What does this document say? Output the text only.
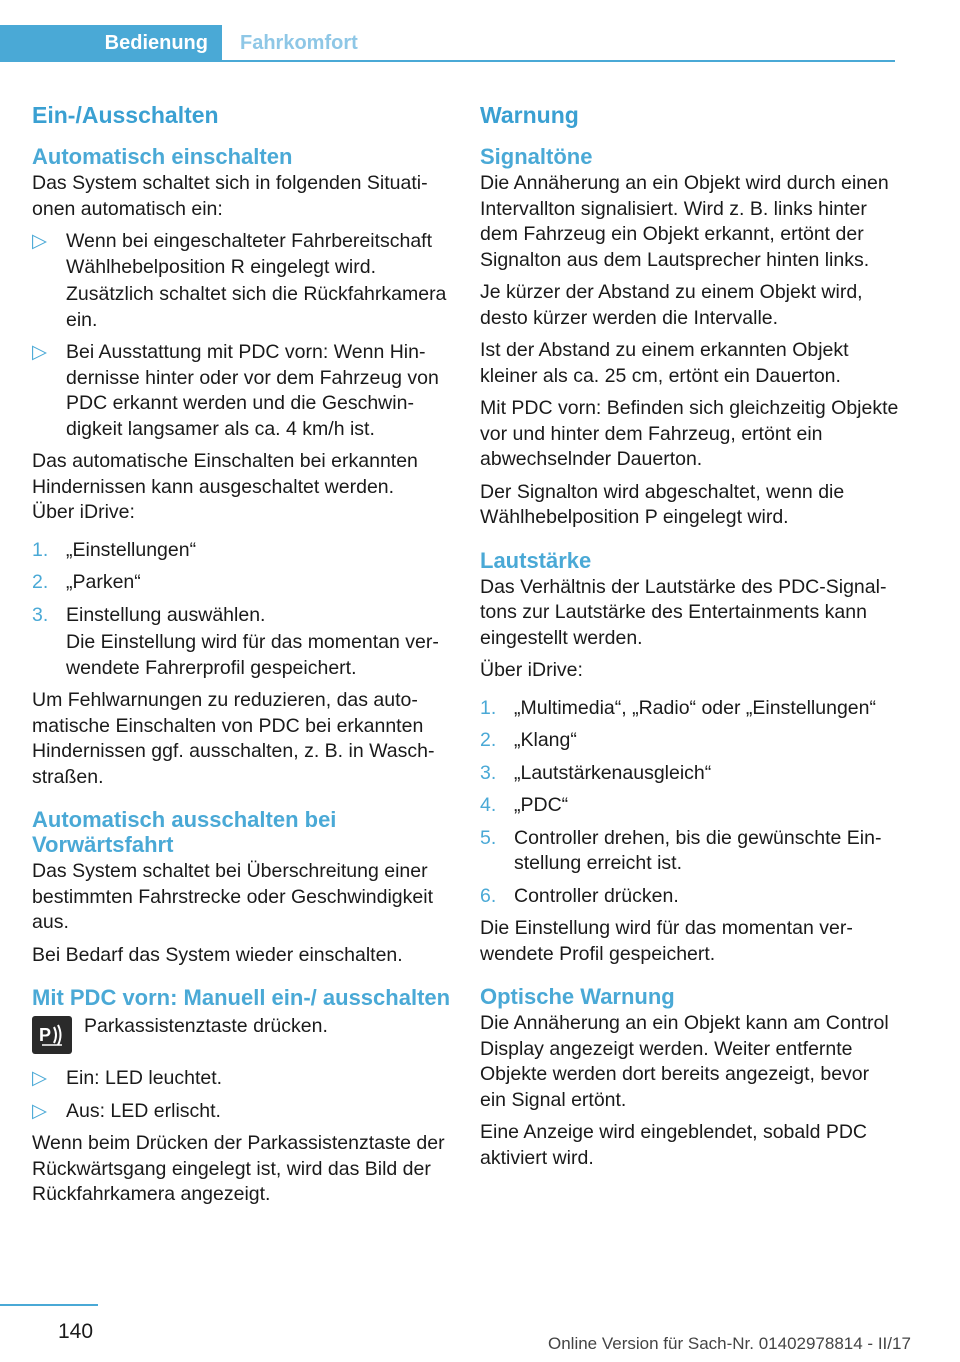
Bedienung	Fahrkomfort
Ein-/Ausschalten
Automatisch einschalten

Das System schaltet sich in folgenden Situationen automatisch ein:

▷ Wenn bei eingeschalteter Fahrbereitschaft Wählhebelposition R eingelegt wird.

Zusätzlich schaltet sich die Rückfahrkamera ein.

▷ Bei Ausstattung mit PDC vorn: Wenn Hindernisse hinter oder vor dem Fahrzeug von PDC erkannt werden und die Geschwindigkeit langsamer als ca. 4 km/h ist.

Das automatische Einschalten bei erkannten Hindernissen kann ausgeschaltet werden.

Über iDrive:

1. „Einstellungen“
2. „Parken“
3. Einstellung auswählen.

Die Einstellung wird für das momentan verwendete Fahrerprofil gespeichert.

Um Fehlwarnungen zu reduzieren, das automatische Einschalten von PDC bei erkannten Hindernissen ggf. ausschalten, z. B. in Waschstraßen.

Automatisch ausschalten bei Vorwärtsfahrt

Das System schaltet bei Überschreitung einer bestimmten Fahrstrecke oder Geschwindigkeit aus.

Bei Bedarf das System wieder einschalten.

Mit PDC vorn: Manuell ein-/ ausschalten
P Parkassistenztaste drücken.
▷ Ein: LED leuchtet.
▷ Aus: LED erlischt.

Wenn beim Drücken der Parkassistenztaste der Rückwärtsgang eingelegt ist, wird das Bild der Rückfahrkamera angezeigt.

Warnung
Signaltöne

Die Annäherung an ein Objekt wird durch einen Intervallton signalisiert. Wird z. B. links hinter dem Fahrzeug ein Objekt erkannt, ertönt der Signalton aus dem Lautsprecher hinten links.

Je kürzer der Abstand zu einem Objekt wird, desto kürzer werden die Intervalle.

Ist der Abstand zu einem erkannten Objekt kleiner als ca. 25 cm, ertönt ein Dauerton.

Mit PDC vorn: Befinden sich gleichzeitig Objekte vor und hinter dem Fahrzeug, ertönt ein abwechselnder Dauerton.

Der Signalton wird abgeschaltet, wenn die Wählhebelposition P eingelegt wird.

Lautstärke

Das Verhältnis der Lautstärke des PDC-Signaltons zur Lautstärke des Entertainments kann eingestellt werden.

Über iDrive:

1. „Multimedia“, „Radio“ oder „Einstellungen“
2. „Klang“
3. „Lautstärkenausgleich“
4. „PDC“
5. Controller drehen, bis die gewünschte Einstellung erreicht ist.
6. Controller drücken.

Die Einstellung wird für das momentan verwendete Profil gespeichert.

Optische Warnung

Die Annäherung an ein Objekt kann am Control Display angezeigt werden. Weiter entfernte Objekte werden dort bereits angezeigt, bevor ein Signal ertönt.

Eine Anzeige wird eingeblendet, sobald PDC aktiviert wird.

140
Online Version für Sach-Nr. 01402978814 - II/17
